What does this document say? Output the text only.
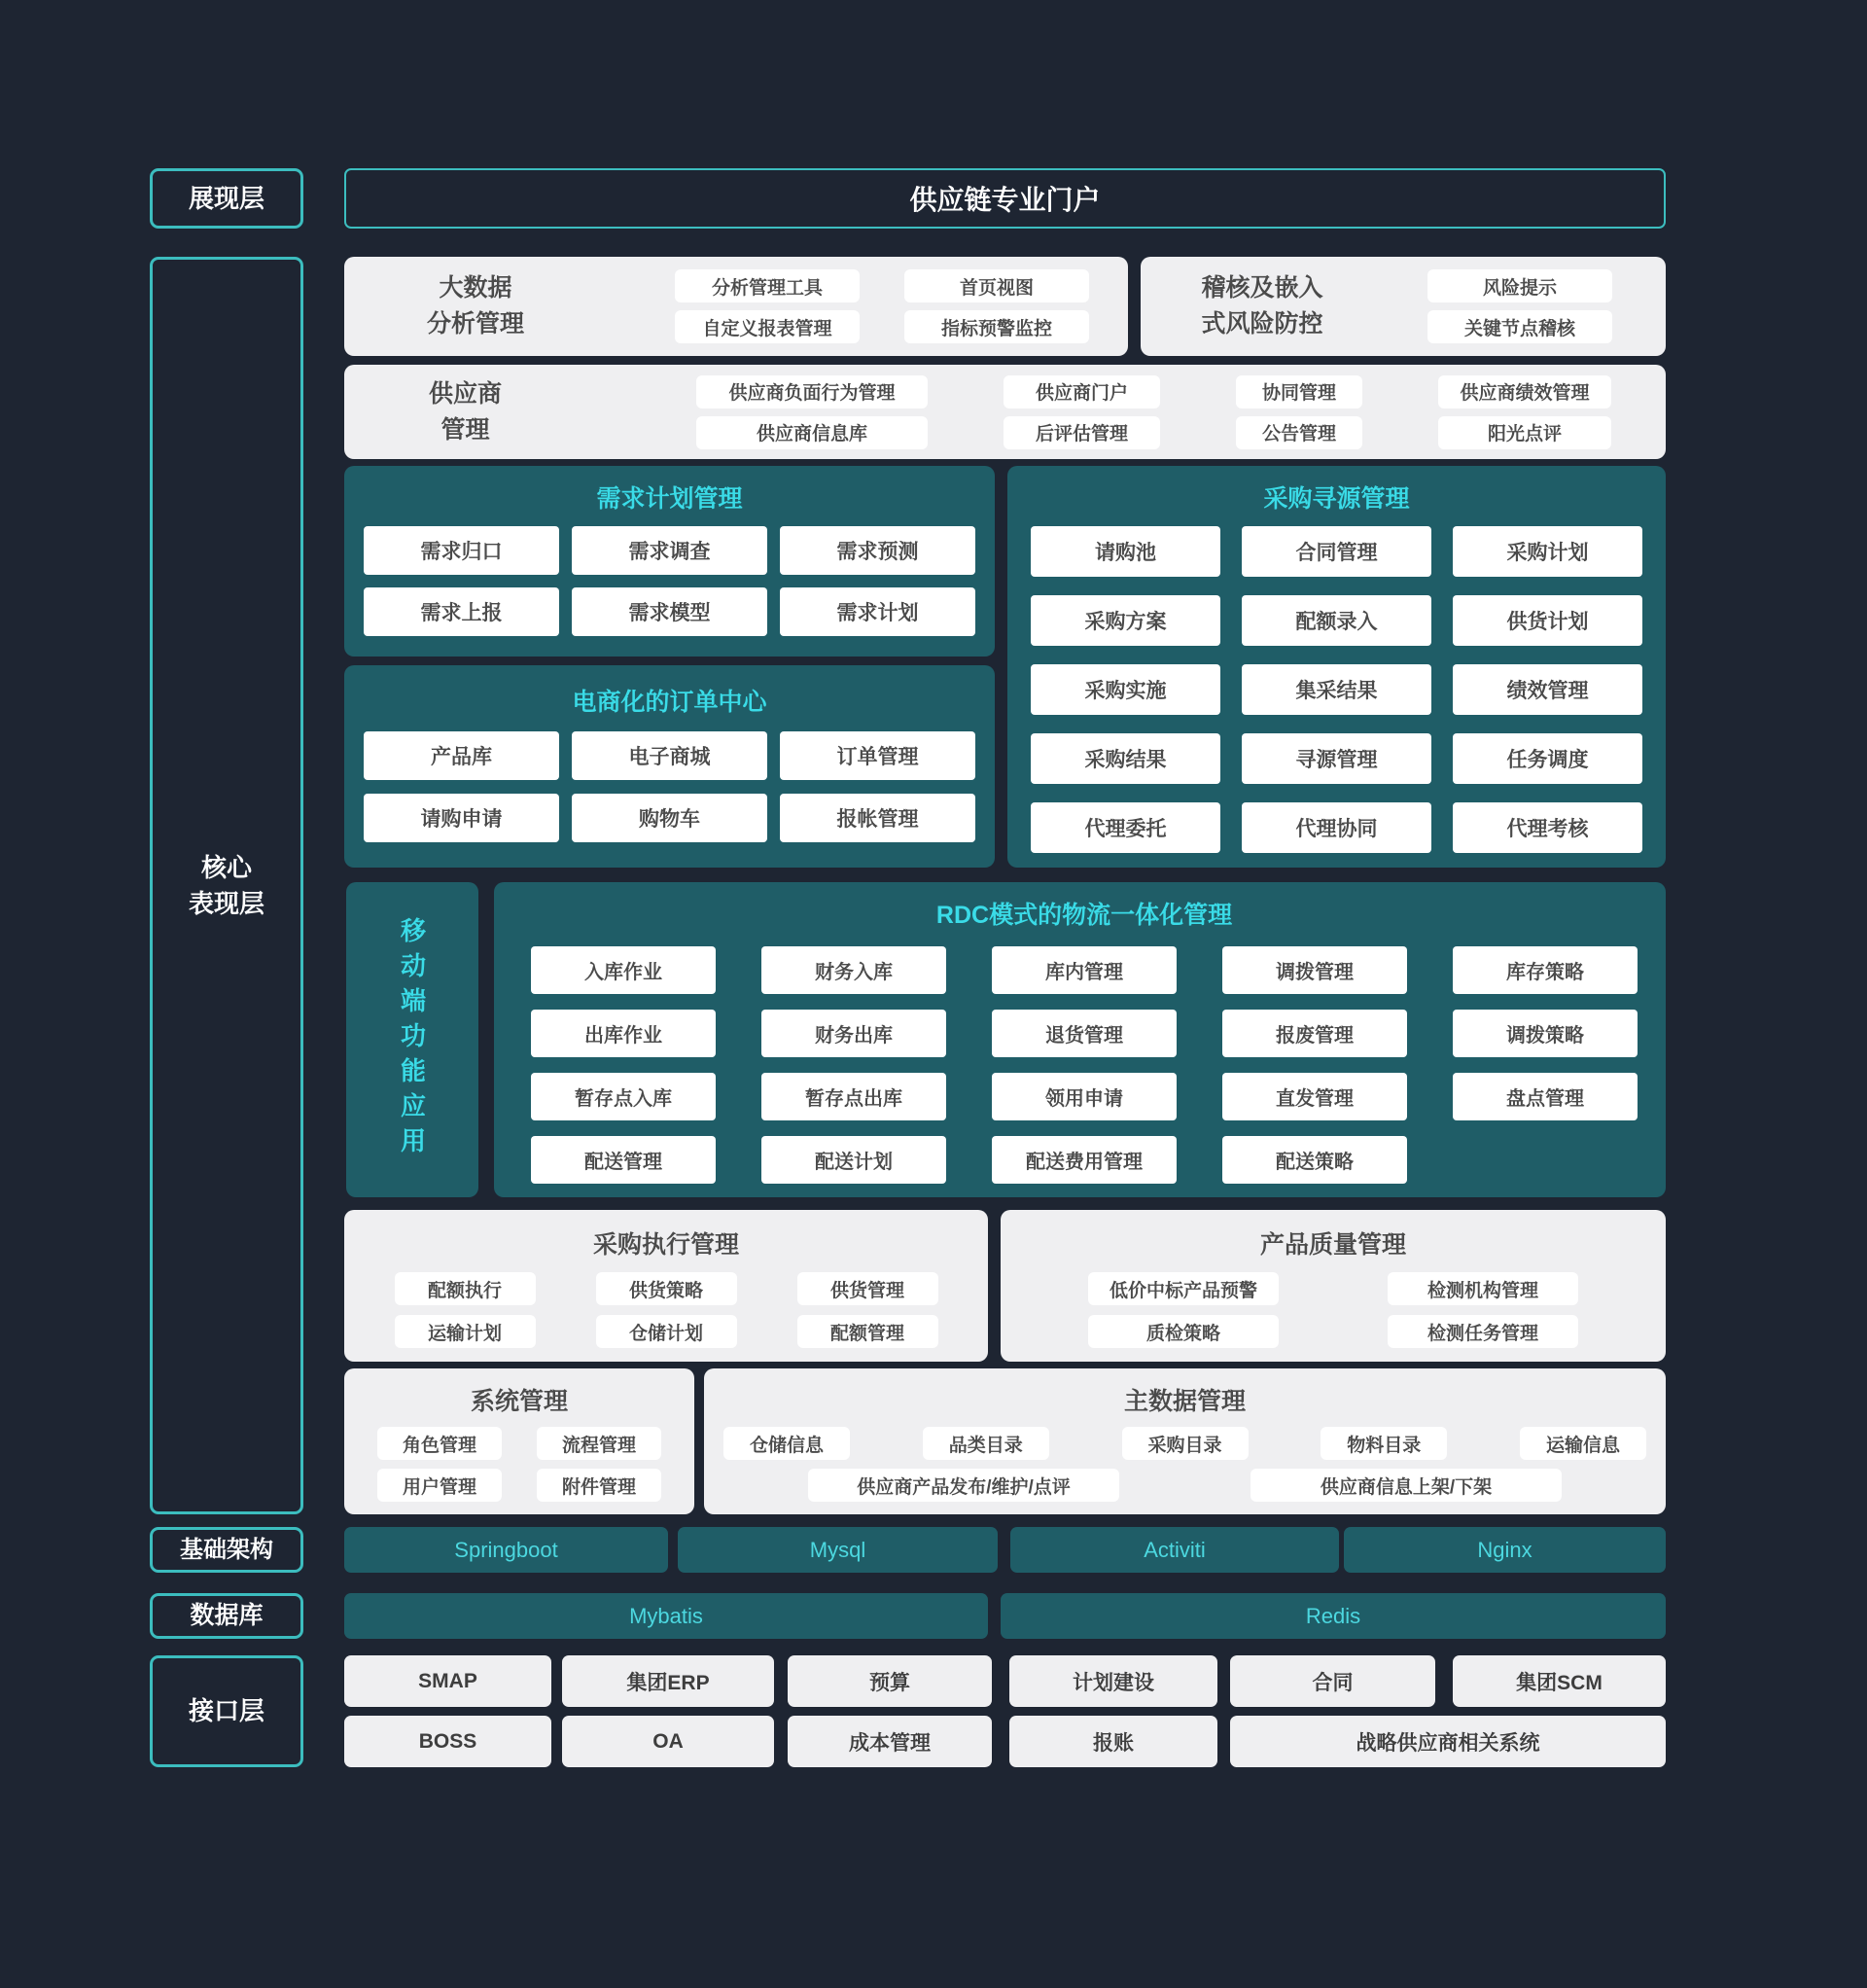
展现层
核心
表现层
基础架构
数据库
接口层
供应链专业门户
大数据
分析管理
分析管理工具	首页视图
自定义报表管理	指标预警监控
稽核及嵌入
式风险防控
风险提示
关键节点稽核
供应商
管理
供应商负面行为管理	供应商门户	协同管理	供应商绩效管理
供应商信息库	后评估管理	公告管理	阳光点评
需求计划管理
需求归口	需求调查	需求预测
需求上报	需求模型	需求计划
采购寻源管理
请购池	合同管理	采购计划
采购方案	配额录入	供货计划
采购实施	集采结果	绩效管理
采购结果	寻源管理	任务调度
代理委托	代理协同	代理考核
电商化的订单中心
产品库	电子商城	订单管理
请购申请	购物车	报帐管理
移动端功能应用
RDC模式的物流一体化管理
入库作业	财务入库	库内管理	调拨管理	库存策略
出库作业	财务出库	退货管理	报废管理	调拨策略
暂存点入库	暂存点出库	领用申请	直发管理	盘点管理
配送管理	配送计划	配送费用管理	配送策略
采购执行管理
配额执行	供货策略	供货管理
运输计划	仓储计划	配额管理
产品质量管理
低价中标产品预警	检测机构管理
质检策略	检测任务管理
系统管理
角色管理	流程管理
用户管理	附件管理
主数据管理
仓储信息	品类目录	采购目录	物料目录	运输信息
供应商产品发布/维护/点评	供应商信息上架/下架
Springboot	Mysql	Activiti	Nginx
Mybatis	Redis
SMAP	集团ERP	预算	计划建设	合同	集团SCM
BOSS	OA	成本管理	报账	战略供应商相关系统
